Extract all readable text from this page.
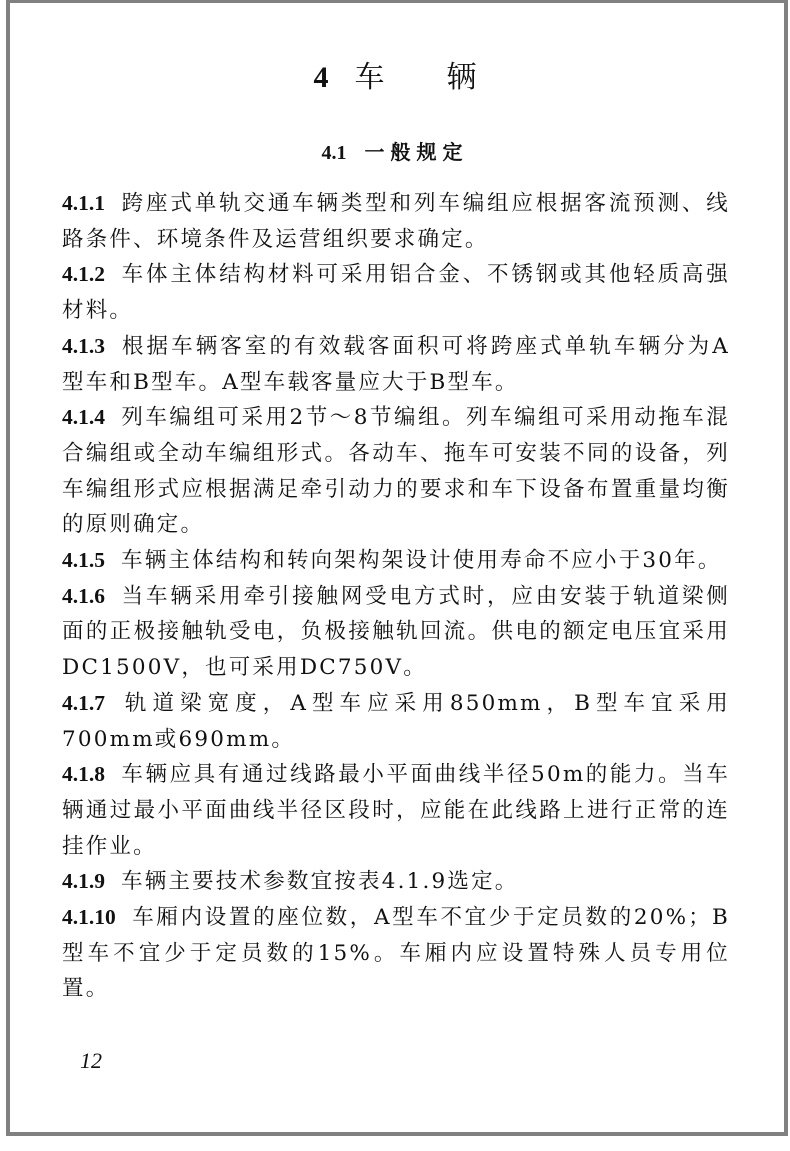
4 车 辆
4.1 一般规定

4.1.1 跨座式单轨交通车辆类型和列车编组应根据客流预测、线路条件、环境条件及运营组织要求确定。

4.1.2 车体主体结构材料可采用铝合金、不锈钢或其他轻质高强材料。

4.1.3 根据车辆客室的有效载客面积可将跨座式单轨车辆分为A型车和B型车。A型车载客量应大于B型车。

4.1.4 列车编组可采用2节～8节编组。列车编组可采用动拖车混合编组或全动车编组形式。各动车、拖车可安装不同的设备，列车编组形式应根据满足牵引动力的要求和车下设备布置重量均衡的原则确定。

4.1.5 车辆主体结构和转向架构架设计使用寿命不应小于30年。

4.1.6 当车辆采用牵引接触网受电方式时，应由安装于轨道梁侧面的正极接触轨受电，负极接触轨回流。供电的额定电压宜采用DC1500V，也可采用DC750V。

4.1.7 轨道梁宽度，A型车应采用850mm，B型车宜采用700mm或690mm。

4.1.8 车辆应具有通过线路最小平面曲线半径50m的能力。当车辆通过最小平面曲线半径区段时，应能在此线路上进行正常的连挂作业。

4.1.9 车辆主要技术参数宜按表4.1.9选定。

4.1.10 车厢内设置的座位数，A型车不宜少于定员数的20%；B型车不宜少于定员数的15%。车厢内应设置特殊人员专用位置。

12
